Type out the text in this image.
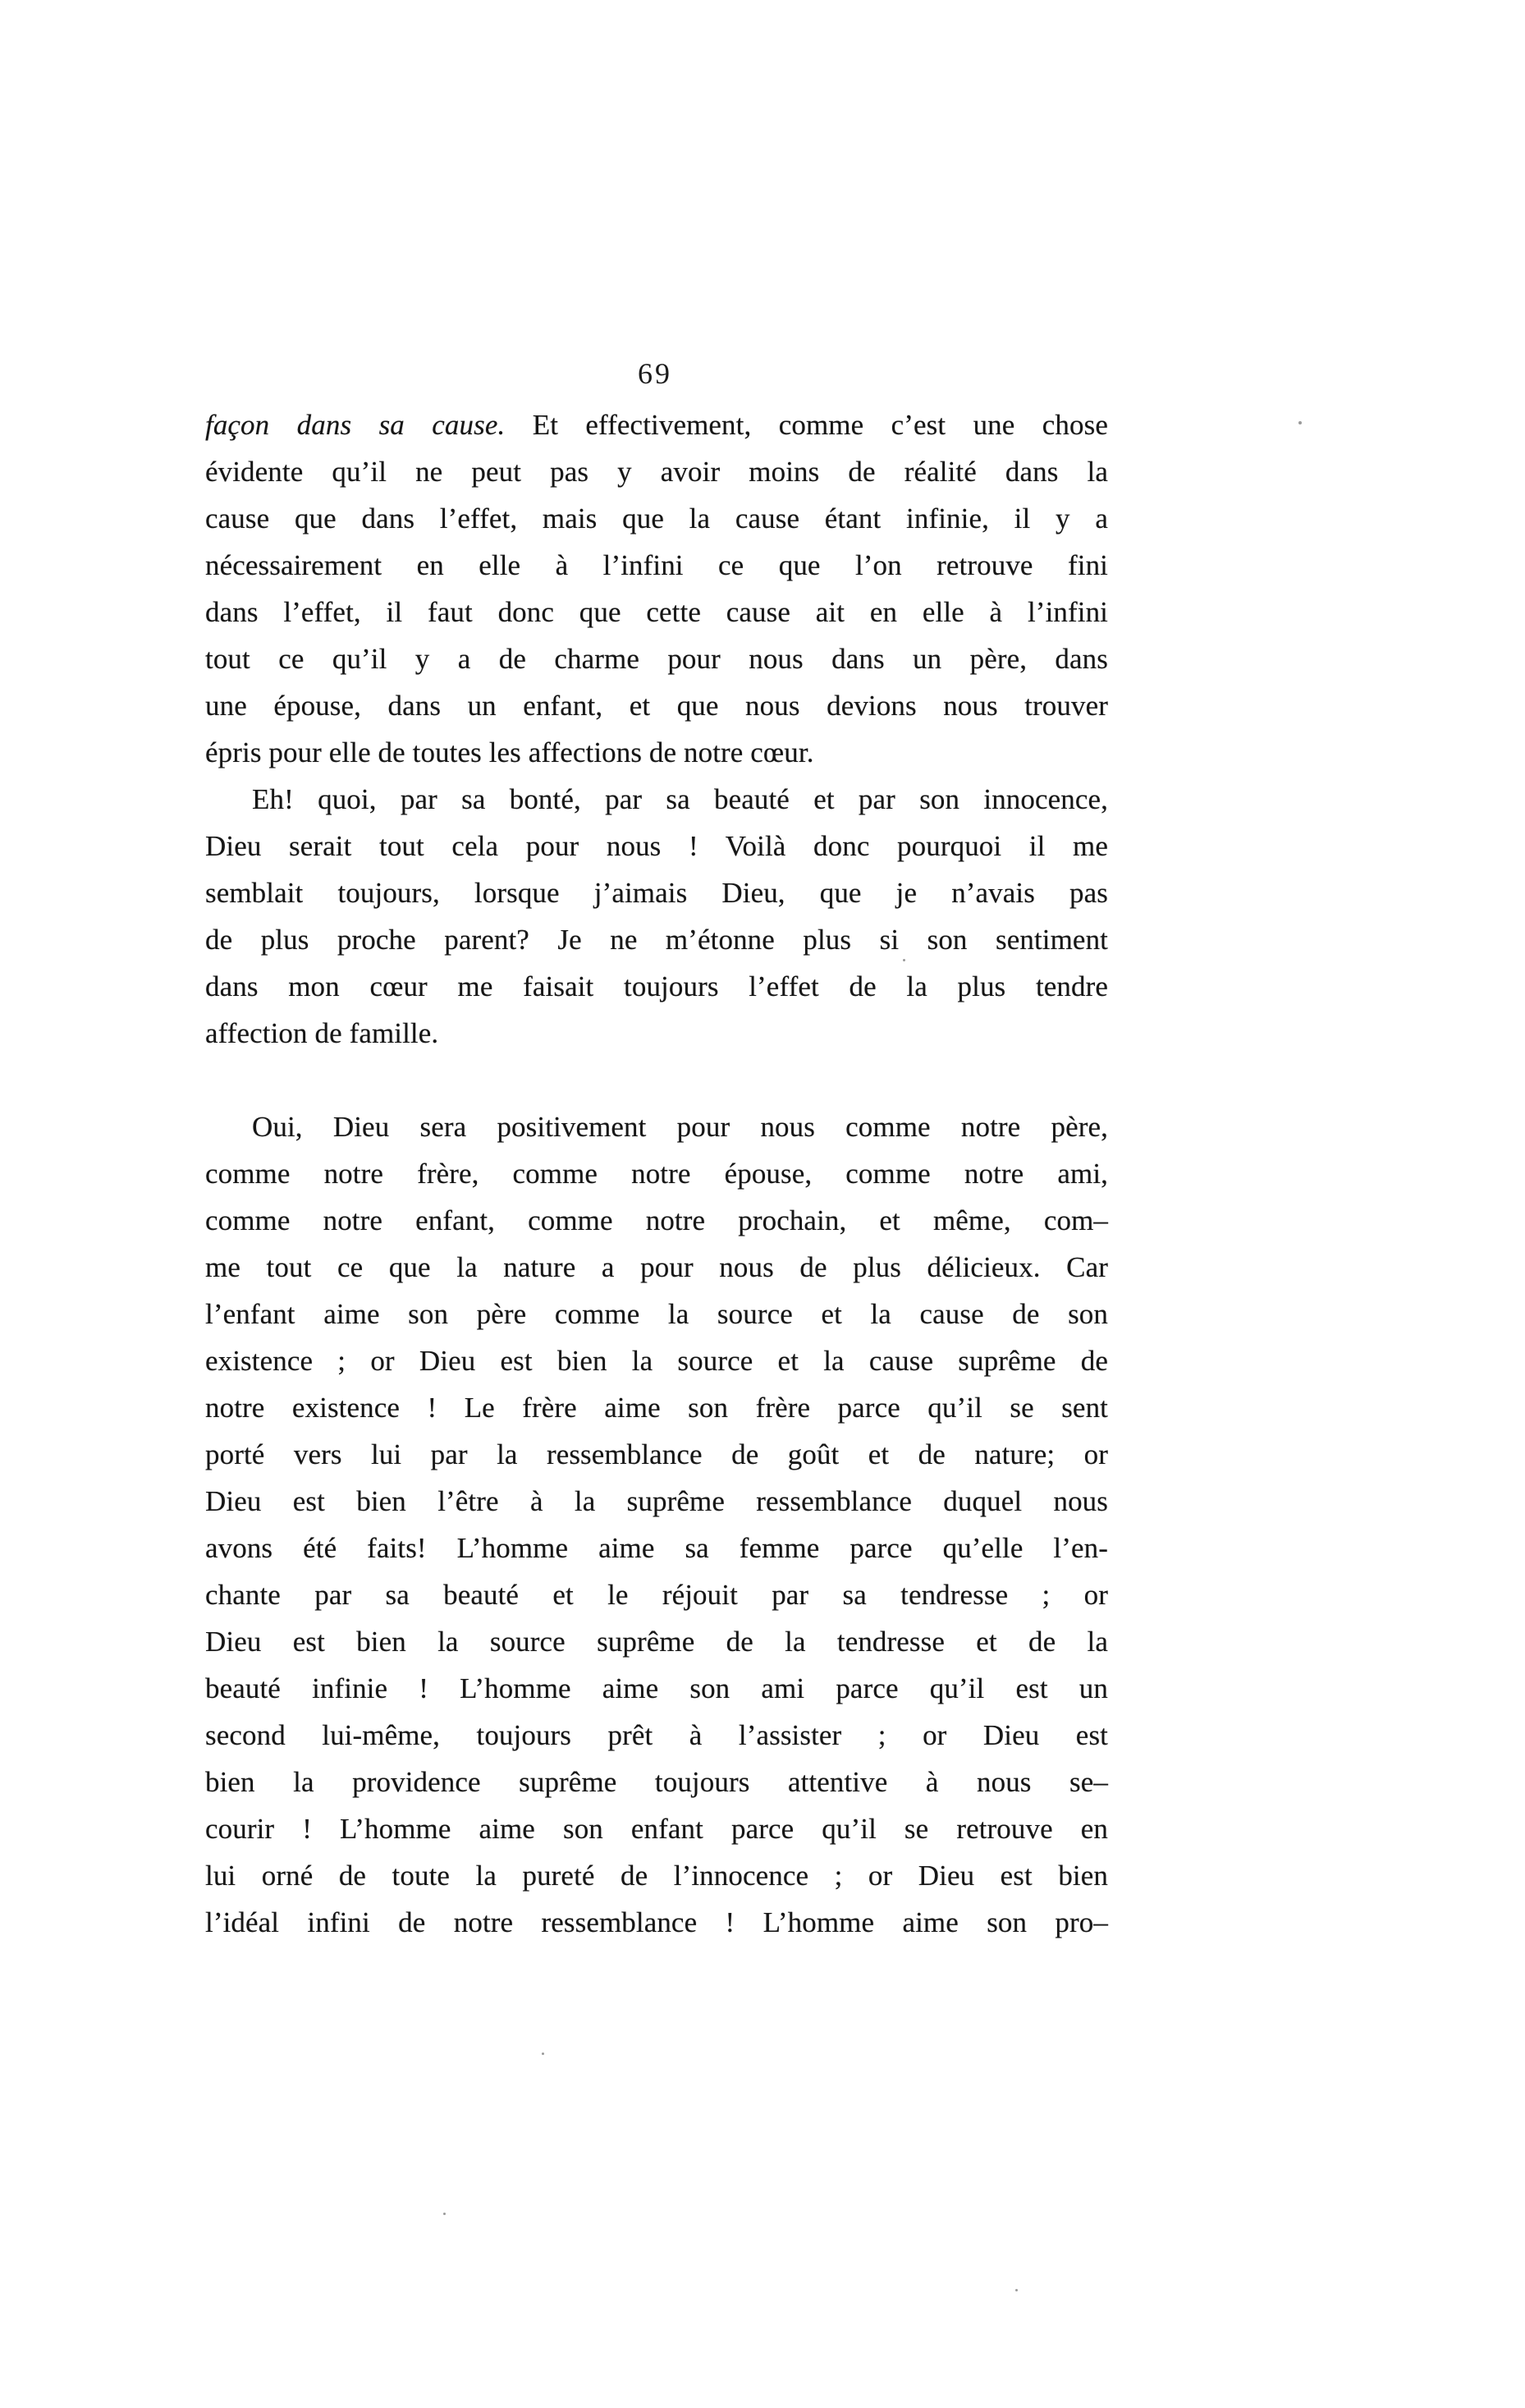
69
façon dans sa cause. Et effectivement, comme c’est une chose
évidente qu’il ne peut pas y avoir moins de réalité dans la
cause que dans l’effet, mais que la cause étant infinie, il y a
nécessairement en elle à l’infini ce que l’on retrouve fini
dans l’effet, il faut donc que cette cause ait en elle à l’infini
tout ce qu’il y a de charme pour nous dans un père, dans
une épouse, dans un enfant, et que nous devions nous trouver
épris pour elle de toutes les affections de notre cœur.
Eh! quoi, par sa bonté, par sa beauté et par son innocence,
Dieu serait tout cela pour nous ! Voilà donc pourquoi il me
semblait toujours, lorsque j’aimais Dieu, que je n’avais pas
de plus proche parent? Je ne m’étonne plus si son sentiment
dans mon cœur me faisait toujours l’effet de la plus tendre
affection de famille.
Oui, Dieu sera positivement pour nous comme notre père,
comme notre frère, comme notre épouse, comme notre ami,
comme notre enfant, comme notre prochain, et même, com–
me tout ce que la nature a pour nous de plus délicieux. Car
l’enfant aime son père comme la source et la cause de son
existence ; or Dieu est bien la source et la cause suprême de
notre existence ! Le frère aime son frère parce qu’il se sent
porté vers lui par la ressemblance de goût et de nature; or
Dieu est bien l’être à la suprême ressemblance duquel nous
avons été faits! L’homme aime sa femme parce qu’elle l’en-
chante par sa beauté et le réjouit par sa tendresse ; or
Dieu est bien la source suprême de la tendresse et de la
beauté infinie ! L’homme aime son ami parce qu’il est un
second lui-même, toujours prêt à l’assister ; or Dieu est
bien la providence suprême toujours attentive à nous se–
courir ! L’homme aime son enfant parce qu’il se retrouve en
lui orné de toute la pureté de l’innocence ; or Dieu est bien
l’idéal infini de notre ressemblance ! L’homme aime son pro–
